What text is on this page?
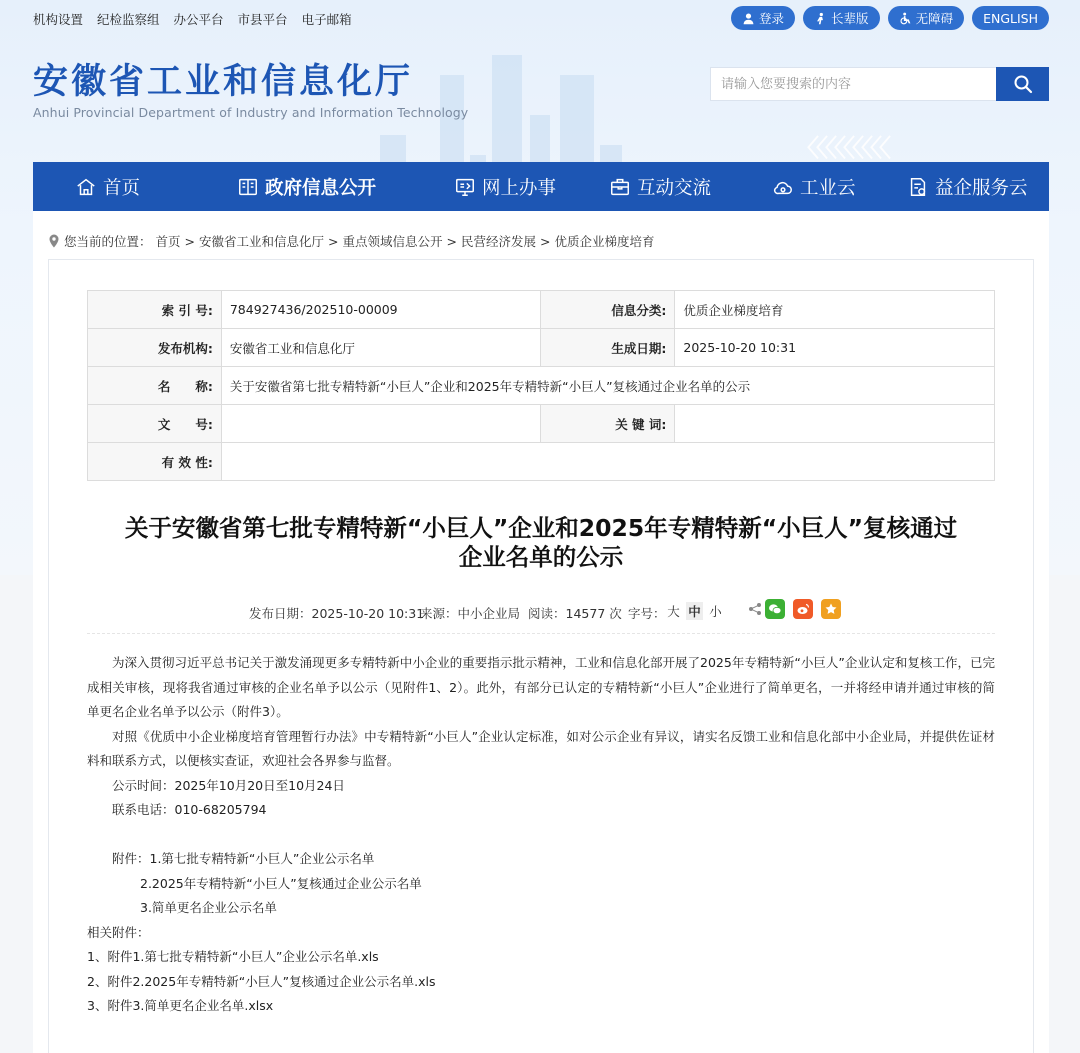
〈〈〈〈〈〈〈〈〈
机构设置 纪检监察组 办公平台 市县平台 电子邮箱	登录	长辈版	无障碍 ENGLISH
安徽省工业和信息化厅
Anhui Provincial Department of Industry and Information Technology
请输入您要搜索的内容
首页	政府信息公开	网上办事	互动交流	工业云	益企服务云
您当前的位置： 首页 > 安徽省工业和信息化厅 > 重点领域信息公开 > 民营经济发展 > 优质企业梯度培育
索 引 号:	784927436/202510-00009	信息分类:	优质企业梯度培育
发布机构:	安徽省工业和信息化厅	生成日期:	2025-10-20 10:31
名　　称:	关于安徽省第七批专精特新“小巨人”企业和2025年专精特新“小巨人”复核通过企业名单的公示		
文　　号:		关 键 词:	
有 效 性:			
关于安徽省第七批专精特新“小巨人”企业和2025年专精特新“小巨人”复核通过
企业名单的公示
发布日期：2025-10-20 10:31
来源：中小企业局 阅读：14577 次 字号： 大 中 小

为深入贯彻习近平总书记关于激发涌现更多专精特新中小企业的重要指示批示精神，工业和信息化部开展了2025年专精特新“小巨人”企业认定和复核工作，已完成相关审核，现将我省通过审核的企业名单予以公示（见附件1、2）。此外，有部分已认定的专精特新“小巨人”企业进行了简单更名，一并将经申请并通过审核的简单更名企业名单予以公示（附件3）。

对照《优质中小企业梯度培育管理暂行办法》中专精特新“小巨人”企业认定标准，如对公示企业有异议，请实名反馈工业和信息化部中小企业局，并提供佐证材料和联系方式，以便核实查证，欢迎社会各界参与监督。

公示时间：2025年10月20日至10月24日

联系电话：010-68205794

附件：1.第七批专精特新“小巨人”企业公示名单

2.2025年专精特新“小巨人”复核通过企业公示名单

3.简单更名企业公示名单

相关附件：

1、附件1.第七批专精特新“小巨人”企业公示名单.xls

2、附件2.2025年专精特新“小巨人”复核通过企业公示名单.xls

3、附件3.简单更名企业名单.xlsx
